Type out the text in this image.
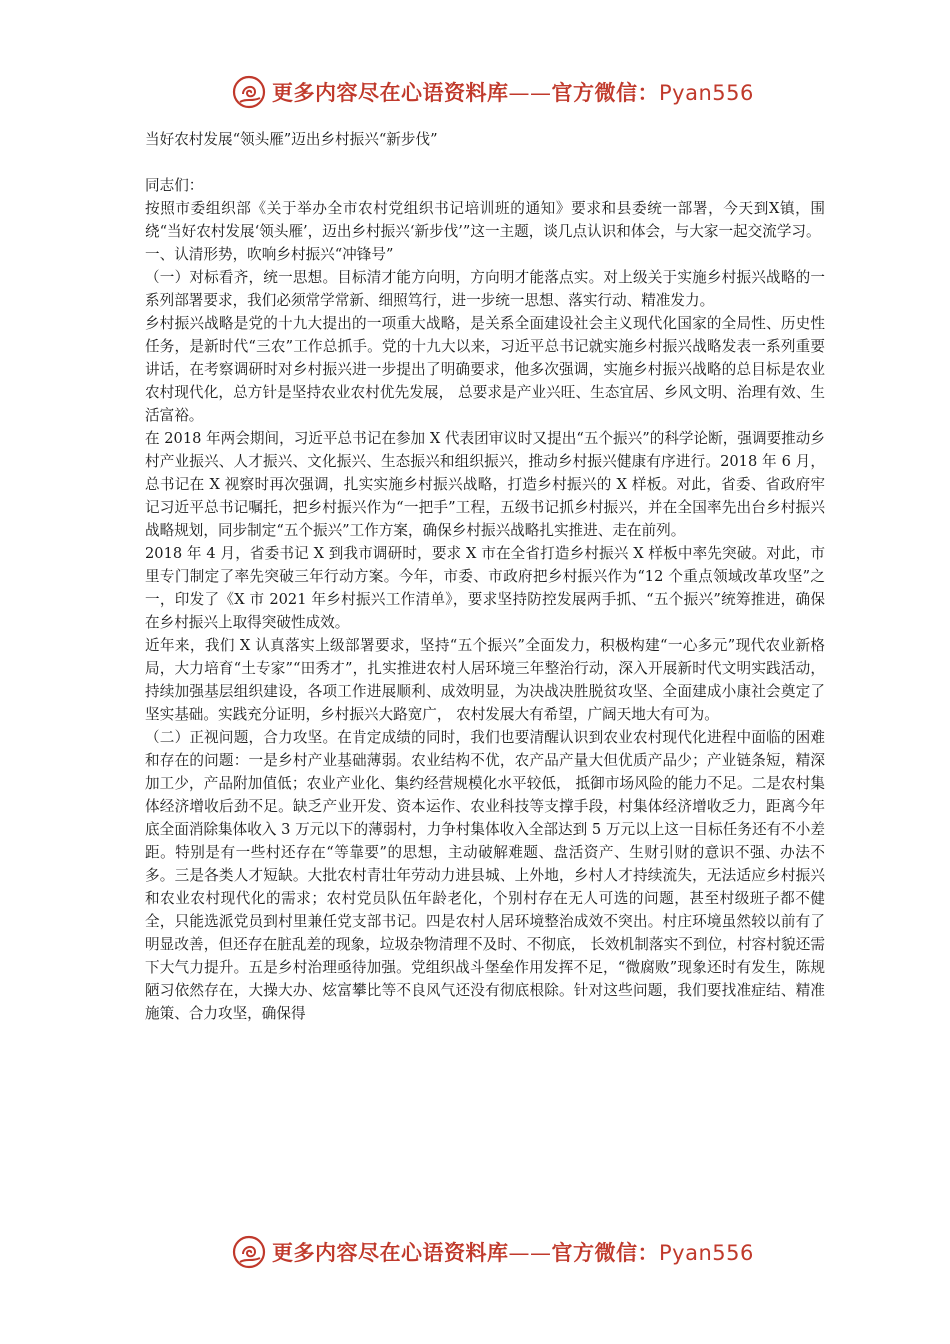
更多内容尽在心语资料库——官方微信：Pyan556

当好农村发展“领头雁”迈出乡村振兴“新步伐”

同志们：

按照市委组织部《关于举办全市农村党组织书记培训班的通知》要求和县委统一部署，今天到X镇，围绕“当好农村发展‘领头雁’，迈出乡村振兴‘新步伐’”这一主题，谈几点认识和体会，与大家一起交流学习。

一、认清形势，吹响乡村振兴“冲锋号”

（一）对标看齐，统一思想。目标清才能方向明，方向明才能落点实。对上级关于实施乡村振兴战略的一系列部署要求，我们必须常学常新、细照笃行，进一步统一思想、落实行动、精准发力。

乡村振兴战略是党的十九大提出的一项重大战略，是关系全面建设社会主义现代化国家的全局性、历史性任务，是新时代“三农”工作总抓手。党的十九大以来，习近平总书记就实施乡村振兴战略发表一系列重要讲话，在考察调研时对乡村振兴进一步提出了明确要求，他多次强调，实施乡村振兴战略的总目标是农业农村现代化，总方针是坚持农业农村优先发展， 总要求是产业兴旺、生态宜居、乡风文明、治理有效、生活富裕。

在 2018 年两会期间，习近平总书记在参加 X 代表团审议时又提出“五个振兴”的科学论断，强调要推动乡村产业振兴、人才振兴、文化振兴、生态振兴和组织振兴，推动乡村振兴健康有序进行。2018 年 6 月，总书记在 X 视察时再次强调，扎实实施乡村振兴战略，打造乡村振兴的 X 样板。对此，省委、省政府牢记习近平总书记嘱托，把乡村振兴作为“一把手”工程，五级书记抓乡村振兴，并在全国率先出台乡村振兴战略规划，同步制定“五个振兴”工作方案，确保乡村振兴战略扎实推进、走在前列。

2018 年 4 月，省委书记 X 到我市调研时，要求 X 市在全省打造乡村振兴 X 样板中率先突破。对此，市里专门制定了率先突破三年行动方案。今年，市委、市政府把乡村振兴作为“12 个重点领域改革攻坚”之一，印发了《X 市 2021 年乡村振兴工作清单》，要求坚持防控发展两手抓、“五个振兴”统筹推进，确保在乡村振兴上取得突破性成效。

近年来，我们 X 认真落实上级部署要求，坚持“五个振兴”全面发力，积极构建“一心多元”现代农业新格局，大力培育“土专家”“田秀才”，扎实推进农村人居环境三年整治行动，深入开展新时代文明实践活动，持续加强基层组织建设，各项工作进展顺利、成效明显，为决战决胜脱贫攻坚、全面建成小康社会奠定了坚实基础。实践充分证明，乡村振兴大路宽广， 农村发展大有希望，广阔天地大有可为。

（二）正视问题，合力攻坚。在肯定成绩的同时，我们也要清醒认识到农业农村现代化进程中面临的困难和存在的问题：一是乡村产业基础薄弱。农业结构不优，农产品产量大但优质产品少；产业链条短，精深加工少，产品附加值低；农业产业化、集约经营规模化水平较低， 抵御市场风险的能力不足。二是农村集体经济增收后劲不足。缺乏产业开发、资本运作、农业科技等支撑手段，村集体经济增收乏力，距离今年底全面消除集体收入 3 万元以下的薄弱村，力争村集体收入全部达到 5 万元以上这一目标任务还有不小差距。特别是有一些村还存在“等靠要”的思想，主动破解难题、盘活资产、生财引财的意识不强、办法不多。三是各类人才短缺。大批农村青壮年劳动力进县城、上外地，乡村人才持续流失，无法适应乡村振兴和农业农村现代化的需求；农村党员队伍年龄老化，个别村存在无人可选的问题，甚至村级班子都不健全，只能选派党员到村里兼任党支部书记。四是农村人居环境整治成效不突出。村庄环境虽然较以前有了明显改善，但还存在脏乱差的现象，垃圾杂物清理不及时、不彻底， 长效机制落实不到位，村容村貌还需下大气力提升。五是乡村治理亟待加强。党组织战斗堡垒作用发挥不足，“微腐败”现象还时有发生，陈规陋习依然存在，大操大办、炫富攀比等不良风气还没有彻底根除。针对这些问题，我们要找准症结、精准施策、合力攻坚，确保得

更多内容尽在心语资料库——官方微信：Pyan556
